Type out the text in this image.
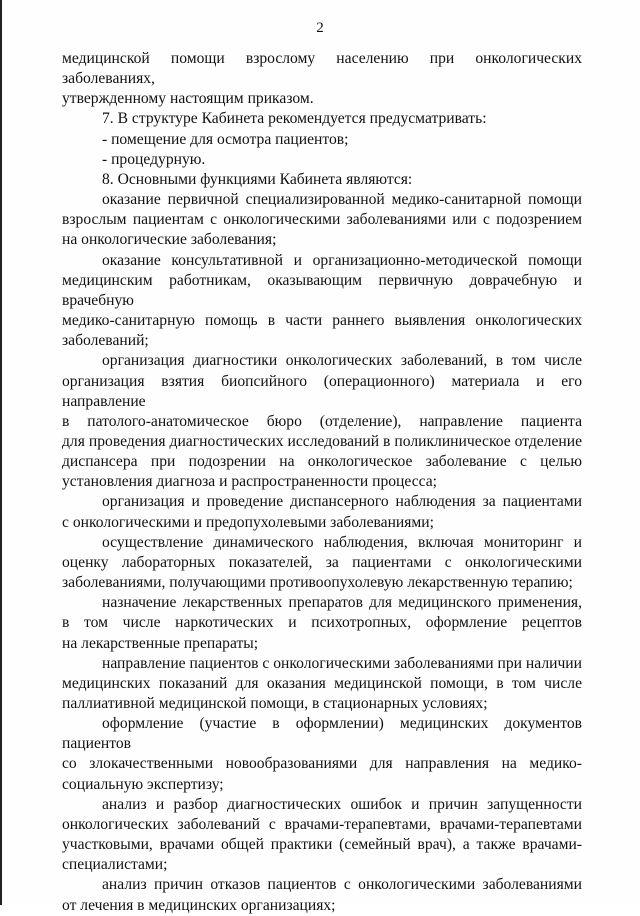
2

медицинской помощи взрослому населению при онкологических заболеваниях,

утвержденному настоящим приказом.

7. В структуре Кабинета рекомендуется предусматривать:

- помещение для осмотра пациентов;

- процедурную.

8. Основными функциями Кабинета являются:

оказание первичной специализированной медико-санитарной помощи

взрослым пациентам с онкологическими заболеваниями или с подозрением

на онкологические заболевания;

оказание консультативной и организационно-методической помощи

медицинским работникам, оказывающим первичную доврачебную и врачебную

медико-санитарную помощь в части раннего выявления онкологических

заболеваний;

организация диагностики онкологических заболеваний, в том числе

организация взятия биопсийного (операционного) материала и его направление

в патолого-анатомическое бюро (отделение), направление пациента

для проведения диагностических исследований в поликлиническое отделение

диспансера при подозрении на онкологическое заболевание с целью

установления диагноза и распространенности процесса;

организация и проведение диспансерного наблюдения за пациентами

с онкологическими и предопухолевыми заболеваниями;

осуществление динамического наблюдения, включая мониторинг и

оценку лабораторных показателей, за пациентами с онкологическими

заболеваниями, получающими противоопухолевую лекарственную терапию;

назначение лекарственных препаратов для медицинского применения,

в том числе наркотических и психотропных, оформление рецептов

на лекарственные препараты;

направление пациентов с онкологическими заболеваниями при наличии

медицинских показаний для оказания медицинской помощи, в том числе

паллиативной медицинской помощи, в стационарных условиях;

оформление (участие в оформлении) медицинских документов пациентов

со злокачественными новообразованиями для направления на медико-

социальную экспертизу;

анализ и разбор диагностических ошибок и причин запущенности

онкологических заболеваний с врачами-терапевтами, врачами-терапевтами

участковыми, врачами общей практики (семейный врач), а также врачами-

специалистами;

анализ причин отказов пациентов с онкологическими заболеваниями

от лечения в медицинских организациях;
